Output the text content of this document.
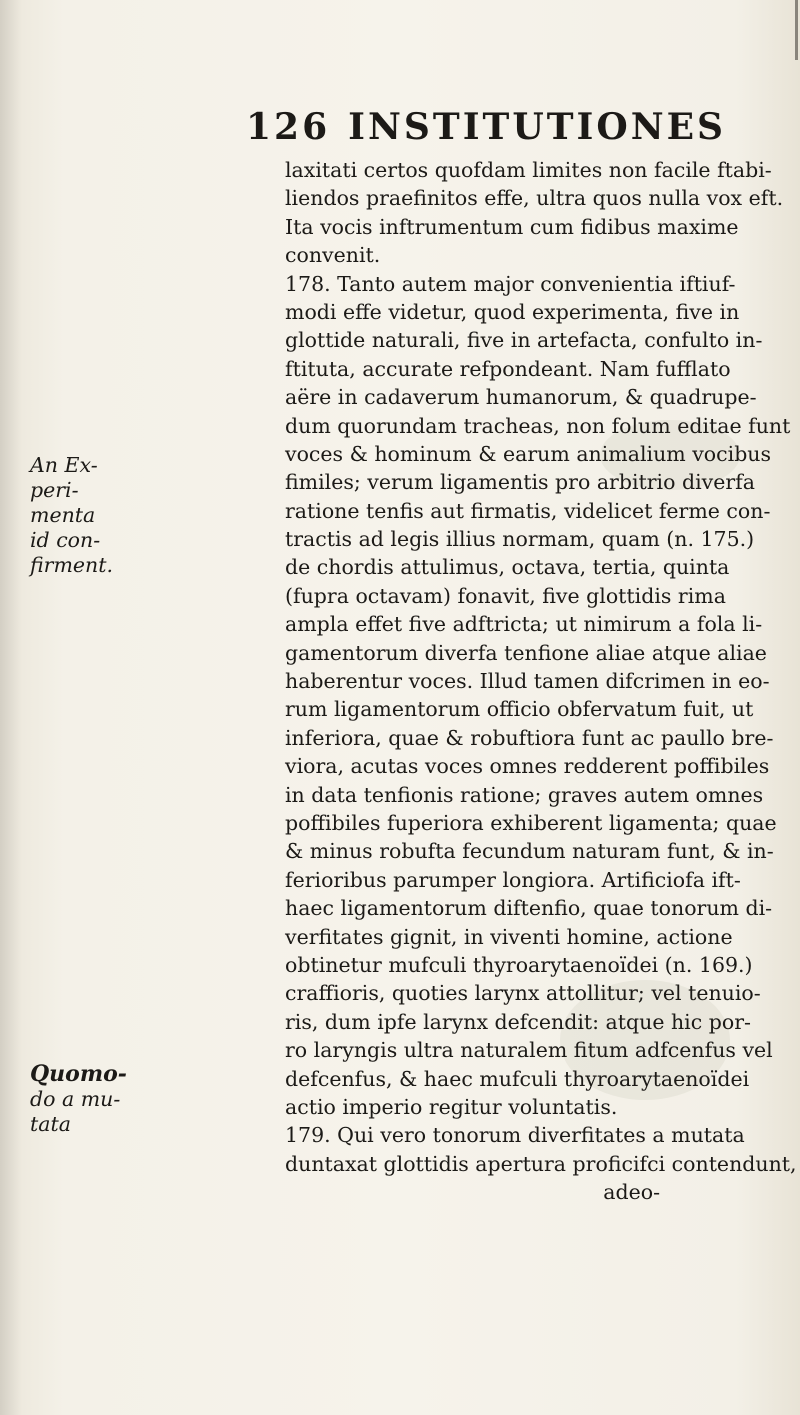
126 INSTITUTIONES
An Ex-
peri-
menta
id con-
firment.
Quomo-
do a mu-
tata
laxitati certos quofdam limites non facile ftabi-
liendos praefinitos effe, ultra quos nulla vox eft.
Ita vocis inftrumentum cum fidibus maxime
convenit.
178. Tanto autem major convenientia iftiuf-
modi effe videtur, quod experimenta, five in
glottide naturali, five in artefacta, confulto in-
ftituta, accurate refpondeant. Nam fufflato
aëre in cadaverum humanorum, & quadrupe-
dum quorundam tracheas, non folum editae funt
voces & hominum & earum animalium vocibus
fimiles; verum ligamentis pro arbitrio diverfa
ratione tenfis aut firmatis, videlicet ferme con-
tractis ad legis illius normam, quam (n. 175.)
de chordis attulimus, octava, tertia, quinta
(fupra octavam) fonavit, five glottidis rima
ampla effet five adftricta; ut nimirum a fola li-
gamentorum diverfa tenfione aliae atque aliae
haberentur voces. Illud tamen difcrimen in eo-
rum ligamentorum officio obfervatum fuit, ut
inferiora, quae & robuftiora funt ac paullo bre-
viora, acutas voces omnes redderent poffibiles
in data tenfionis ratione; graves autem omnes
poffibiles fuperiora exhiberent ligamenta; quae
& minus robufta fecundum naturam funt, & in-
ferioribus parumper longiora. Artificiofa ift-
haec ligamentorum diftenfio, quae tonorum di-
verfitates gignit, in viventi homine, actione
obtinetur mufculi thyroarytaenoïdei (n. 169.)
craffioris, quoties larynx attollitur; vel tenuio-
ris, dum ipfe larynx defcendit: atque hic por-
ro laryngis ultra naturalem fitum adfcenfus vel
defcenfus, & haec mufculi thyroarytaenoïdei
actio imperio regitur voluntatis.
179. Qui vero tonorum diverfitates a mutata
duntaxat glottidis apertura proficifci contendunt,
adeo-
